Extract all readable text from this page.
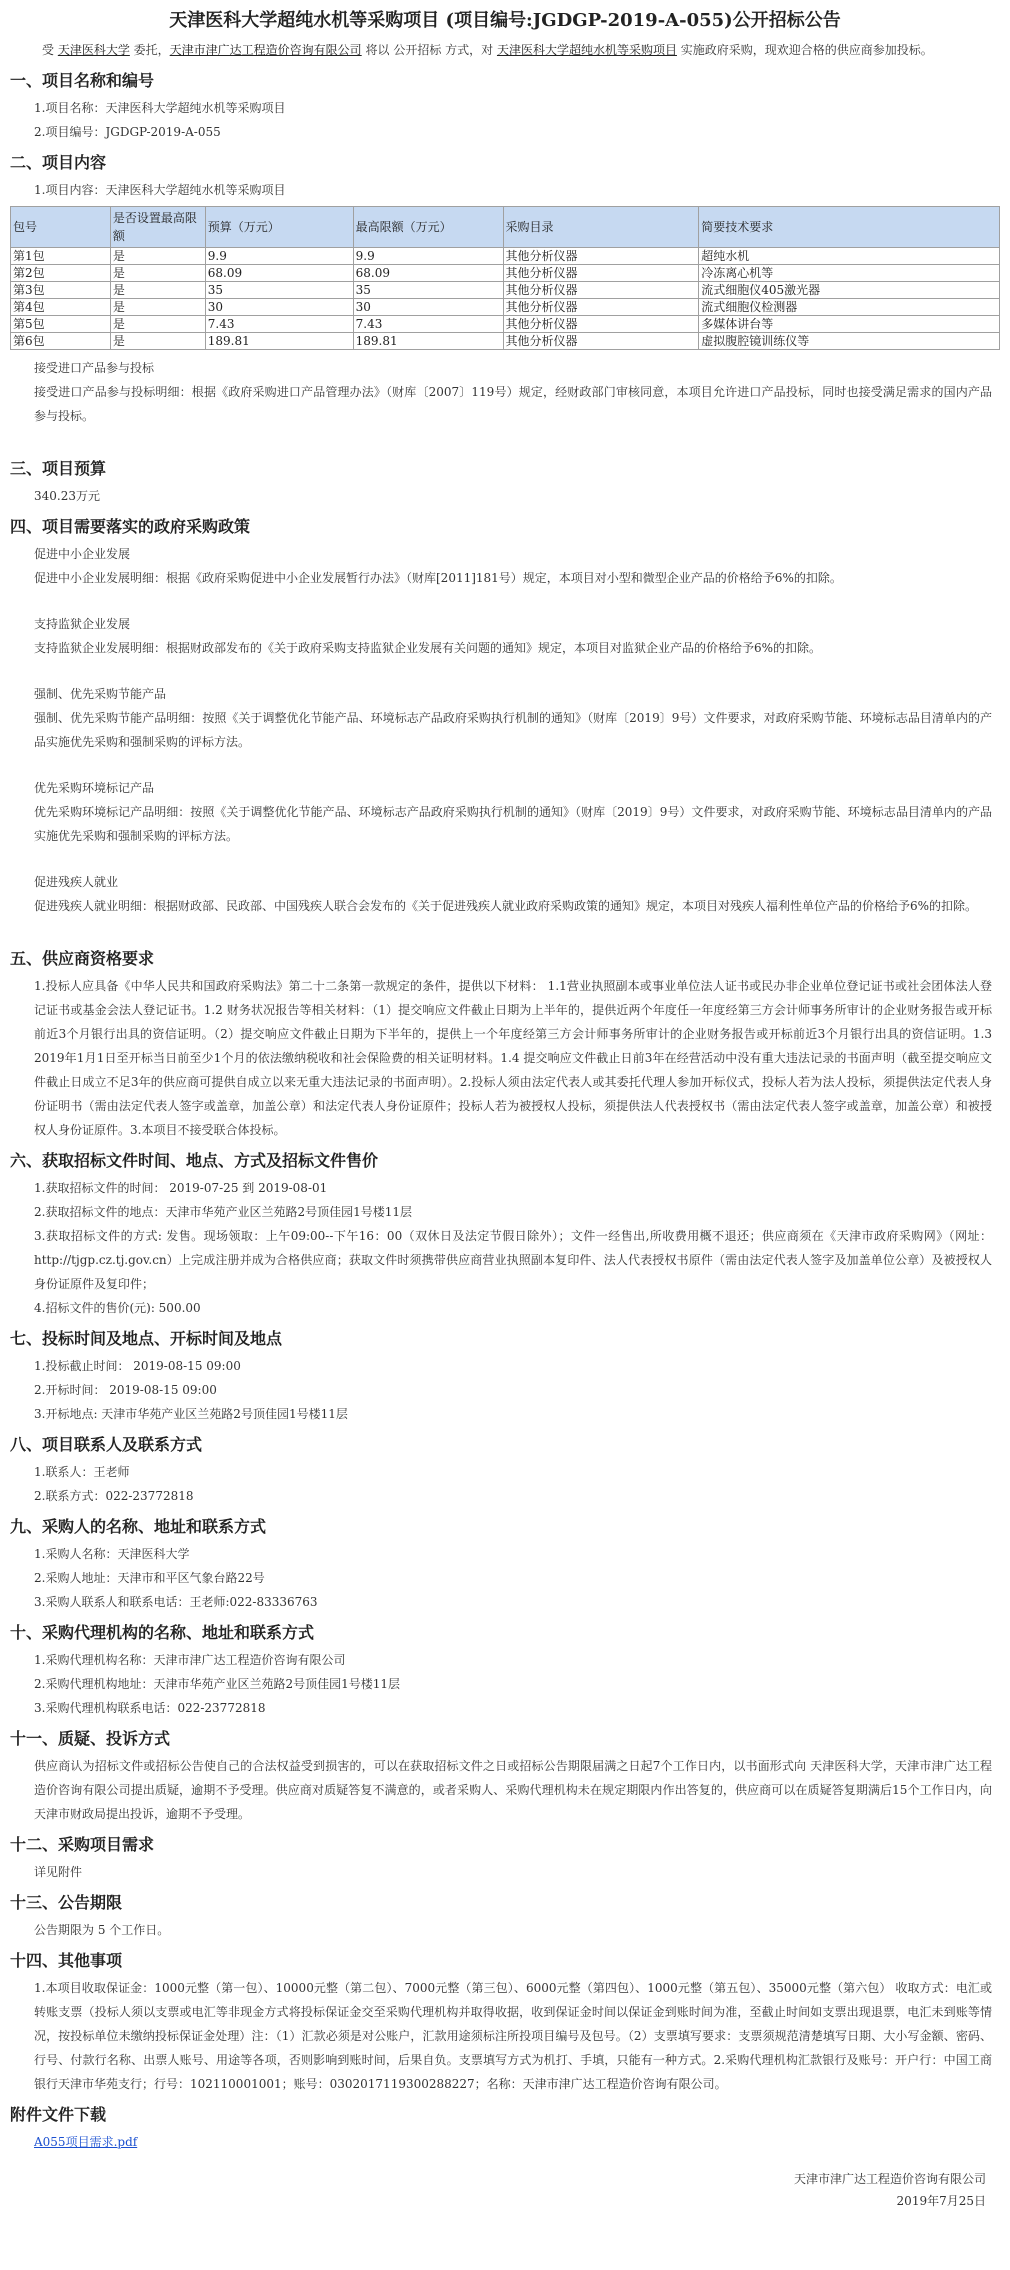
天津医科大学超纯水机等采购项目 (项目编号:JGDGP-2019-A-055)公开招标公告

受 天津医科大学 委托，天津市津广达工程造价咨询有限公司 将以 公开招标 方式，对 天津医科大学超纯水机等采购项目 实施政府采购，现欢迎合格的供应商参加投标。

一、项目名称和编号

1.项目名称：天津医科大学超纯水机等采购项目

2.项目编号：JGDGP-2019-A-055

二、项目内容

1.项目内容：天津医科大学超纯水机等采购项目

包号	是否设置最高限额	预算（万元）	最高限额（万元）	采购目录	简要技术要求
第1包	是	9.9	9.9	其他分析仪器	超纯水机
第2包	是	68.09	68.09	其他分析仪器	冷冻离心机等
第3包	是	35	35	其他分析仪器	流式细胞仪405激光器
第4包	是	30	30	其他分析仪器	流式细胞仪检测器
第5包	是	7.43	7.43	其他分析仪器	多媒体讲台等
第6包	是	189.81	189.81	其他分析仪器	虚拟腹腔镜训练仪等

接受进口产品参与投标

接受进口产品参与投标明细：根据《政府采购进口产品管理办法》（财库〔2007〕119号）规定，经财政部门审核同意，本项目允许进口产品投标，同时也接受满足需求的国内产品参与投标。

三、项目预算

340.23万元

四、项目需要落实的政府采购政策

促进中小企业发展

促进中小企业发展明细：根据《政府采购促进中小企业发展暂行办法》（财库[2011]181号）规定，本项目对小型和微型企业产品的价格给予6%的扣除。

支持监狱企业发展

支持监狱企业发展明细：根据财政部发布的《关于政府采购支持监狱企业发展有关问题的通知》规定，本项目对监狱企业产品的价格给予6%的扣除。

强制、优先采购节能产品

强制、优先采购节能产品明细：按照《关于调整优化节能产品、环境标志产品政府采购执行机制的通知》（财库〔2019〕9号）文件要求，对政府采购节能、环境标志品目清单内的产品实施优先采购和强制采购的评标方法。

优先采购环境标记产品

优先采购环境标记产品明细：按照《关于调整优化节能产品、环境标志产品政府采购执行机制的通知》（财库〔2019〕9号）文件要求，对政府采购节能、环境标志品目清单内的产品实施优先采购和强制采购的评标方法。

促进残疾人就业

促进残疾人就业明细：根据财政部、民政部、中国残疾人联合会发布的《关于促进残疾人就业政府采购政策的通知》规定，本项目对残疾人福利性单位产品的价格给予6%的扣除。

五、供应商资格要求

1.投标人应具备《中华人民共和国政府采购法》第二十二条第一款规定的条件，提供以下材料： 1.1营业执照副本或事业单位法人证书或民办非企业单位登记证书或社会团体法人登记证书或基金会法人登记证书。1.2 财务状况报告等相关材料：（1）提交响应文件截止日期为上半年的，提供近两个年度任一年度经第三方会计师事务所审计的企业财务报告或开标前近3个月银行出具的资信证明。（2）提交响应文件截止日期为下半年的，提供上一个年度经第三方会计师事务所审计的企业财务报告或开标前近3个月银行出具的资信证明。1.3 2019年1月1日至开标当日前至少1个月的依法缴纳税收和社会保险费的相关证明材料。1.4 提交响应文件截止日前3年在经营活动中没有重大违法记录的书面声明（截至提交响应文件截止日成立不足3年的供应商可提供自成立以来无重大违法记录的书面声明）。2.投标人须由法定代表人或其委托代理人参加开标仪式，投标人若为法人投标，须提供法定代表人身份证明书（需由法定代表人签字或盖章，加盖公章）和法定代表人身份证原件；投标人若为被授权人投标，须提供法人代表授权书（需由法定代表人签字或盖章，加盖公章）和被授权人身份证原件。3.本项目不接受联合体投标。

六、获取招标文件时间、地点、方式及招标文件售价

1.获取招标文件的时间： 2019-07-25 到 2019-08-01

2.获取招标文件的地点：天津市华苑产业区兰苑路2号顶佳园1号楼11层

3.获取招标文件的方式: 发售。现场领取：上午09:00--下午16：00（双休日及法定节假日除外）；文件一经售出,所收费用概不退还；供应商须在《天津市政府采购网》（网址：http://tjgp.cz.tj.gov.cn）上完成注册并成为合格供应商；获取文件时须携带供应商营业执照副本复印件、法人代表授权书原件（需由法定代表人签字及加盖单位公章）及被授权人身份证原件及复印件；

4.招标文件的售价(元): 500.00

七、投标时间及地点、开标时间及地点

1.投标截止时间： 2019-08-15 09:00

2.开标时间： 2019-08-15 09:00

3.开标地点: 天津市华苑产业区兰苑路2号顶佳园1号楼11层

八、项目联系人及联系方式

1.联系人：王老师

2.联系方式：022-23772818

九、采购人的名称、地址和联系方式

1.采购人名称：天津医科大学

2.采购人地址：天津市和平区气象台路22号

3.采购人联系人和联系电话：王老师:022-83336763

十、采购代理机构的名称、地址和联系方式

1.采购代理机构名称：天津市津广达工程造价咨询有限公司

2.采购代理机构地址：天津市华苑产业区兰苑路2号顶佳园1号楼11层

3.采购代理机构联系电话：022-23772818

十一、质疑、投诉方式

供应商认为招标文件或招标公告使自己的合法权益受到损害的，可以在获取招标文件之日或招标公告期限届满之日起7个工作日内，以书面形式向 天津医科大学，天津市津广达工程造价咨询有限公司提出质疑，逾期不予受理。供应商对质疑答复不满意的，或者采购人、采购代理机构未在规定期限内作出答复的，供应商可以在质疑答复期满后15个工作日内，向天津市财政局提出投诉，逾期不予受理。

十二、采购项目需求

详见附件

十三、公告期限

公告期限为 5 个工作日。

十四、其他事项

1.本项目收取保证金：1000元整（第一包）、10000元整（第二包）、7000元整（第三包）、6000元整（第四包）、1000元整（第五包）、35000元整（第六包） 收取方式：电汇或转账支票（投标人须以支票或电汇等非现金方式将投标保证金交至采购代理机构并取得收据，收到保证金时间以保证金到账时间为准，至截止时间如支票出现退票，电汇未到账等情况，按投标单位未缴纳投标保证金处理）注：（1）汇款必须是对公账户，汇款用途须标注所投项目编号及包号。（2）支票填写要求：支票须规范清楚填写日期、大小写金额、密码、行号、付款行名称、出票人账号、用途等各项，否则影响到账时间，后果自负。支票填写方式为机打、手填，只能有一种方式。2.采购代理机构汇款银行及账号：开户行：中国工商银行天津市华苑支行；行号：102110001001；账号：0302017119300288227；名称：天津市津广达工程造价咨询有限公司。

附件文件下载

A055项目需求.pdf

天津市津广达工程造价咨询有限公司
2019年7月25日
